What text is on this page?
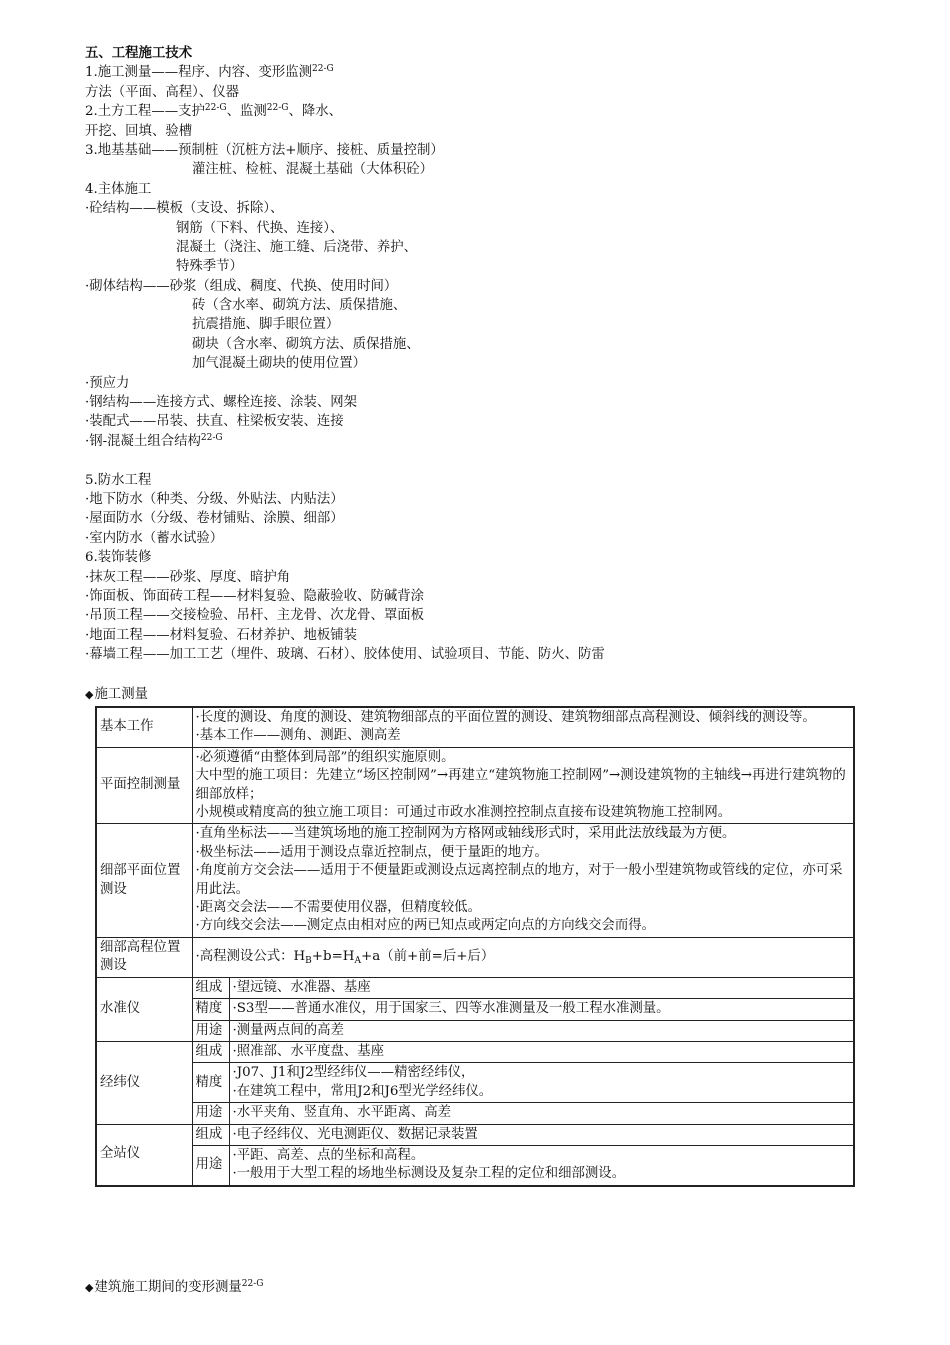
五、工程施工技术
1.施工测量——程序、内容、变形监测$^{22-G}$
方法（平面、高程）、仪器
2.土方工程——支护$^{22-G}$、监测$^{22-G}$、降水、
开挖、回填、验槽
3.地基基础——预制桩（沉桩方法+顺序、接桩、质量控制）
灌注桩、检桩、混凝土基础（大体积砼）
4.主体施工
·砼结构——模板（支设、拆除）、
钢筋（下料、代换、连接）、
混凝土（浇注、施工缝、后浇带、养护、
特殊季节）
·砌体结构——砂浆（组成、稠度、代换、使用时间）
砖（含水率、砌筑方法、质保措施、
抗震措施、脚手眼位置）
砌块（含水率、砌筑方法、质保措施、
加气混凝土砌块的使用位置）
·预应力
·钢结构——连接方式、螺栓连接、涂装、网架
·装配式——吊装、扶直、柱梁板安装、连接
·钢-混凝土组合结构$^{22-G}$
5.防水工程
·地下防水（种类、分级、外贴法、内贴法）
·屋面防水（分级、卷材铺贴、涂膜、细部）
·室内防水（蓄水试验）
6.装饰装修
·抹灰工程——砂浆、厚度、暗护角
·饰面板、饰面砖工程——材料复验、隐蔽验收、防碱背涂
·吊顶工程——交接检验、吊杆、主龙骨、次龙骨、罩面板
·地面工程——材料复验、石材养护、地板铺装
·幕墙工程——加工工艺（埋件、玻璃、石材）、胶体使用、试验项目、节能、防火、防雷
◆施工测量
基本工作	·长度的测设、角度的测设、建筑物细部点的平面位置的测设、建筑物细部点高程测设、倾斜线的测设等。
·基本工作——测角、测距、测高差	

平面控制测量	·必须遵循“由整体到局部”的组织实施原则。
大中型的施工项目：先建立“场区控制网”→再建立“建筑物施工控制网”→测设建筑物的主轴线→再进行建筑物的细部放样；
小规模或精度高的独立施工项目：可通过市政水准测控控制点直接布设建筑物施工控制网。	

细部平面位置测设	·直角坐标法——当建筑场地的施工控制网为方格网或轴线形式时，采用此法放线最为方便。
·极坐标法——适用于测设点靠近控制点，便于量距的地方。
·角度前方交会法——适用于不便量距或测设点远离控制点的地方，对于一般小型建筑物或管线的定位，亦可采用此法。
·距离交会法——不需要使用仪器，但精度较低。
·方向线交会法——测定点由相对应的两已知点或两定向点的方向线交会而得。	

细部高程位置测设	·高程测设公式：$H_B+b=H_A+a$（前+前=后+后）	
水准仪	组成	·望远镜、水准器、基座
	精度	·S3型——普通水准仪，用于国家三、四等水准测量及一般工程水准测量。
	用途	·测量两点间的高差
经纬仪	组成	·照准部、水平度盘、基座
	精度	·J07、J1和J2型经纬仪——精密经纬仪，
·在建筑工程中，常用J2和J6型光学经纬仪。

	用途	·水平夹角、竖直角、水平距离、高差
全站仪	组成	·电子经纬仪、光电测距仪、数据记录装置
	用途	·平距、高差、点的坐标和高程。
·一般用于大型工程的场地坐标测设及复杂工程的定位和细部测设。
◆建筑施工期间的变形测量$^{22-G}$
